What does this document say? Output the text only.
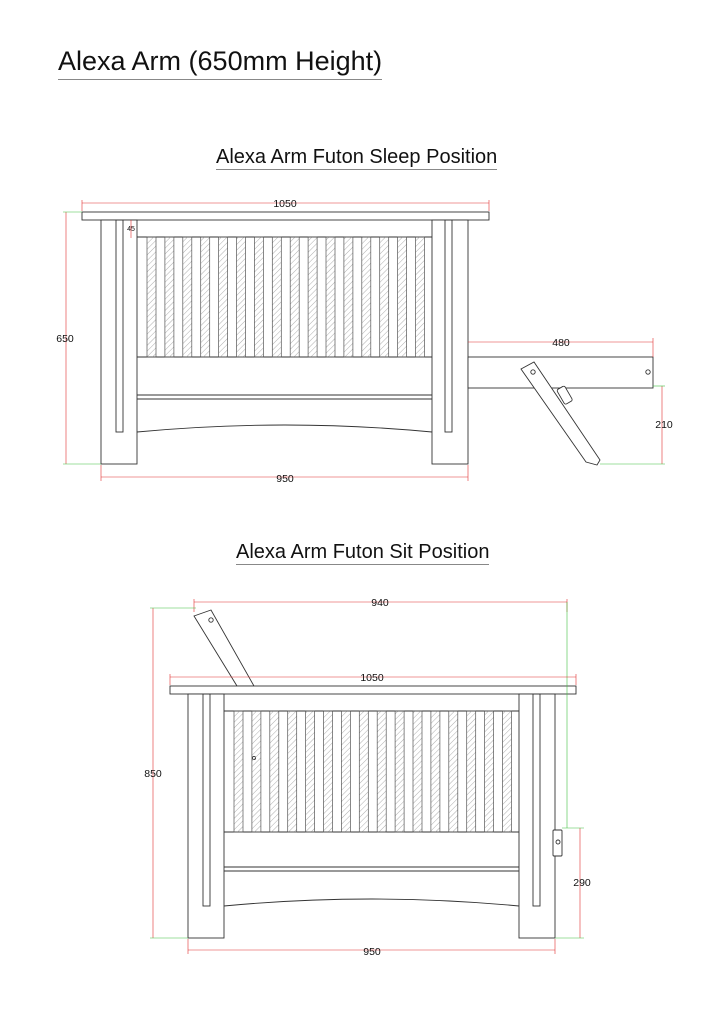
Alexa Arm (650mm Height)
Alexa Arm Futon Sleep Position
Alexa Arm Futon Sit Position
1050
650
45
950
480
210
940
1050
850
950
290
